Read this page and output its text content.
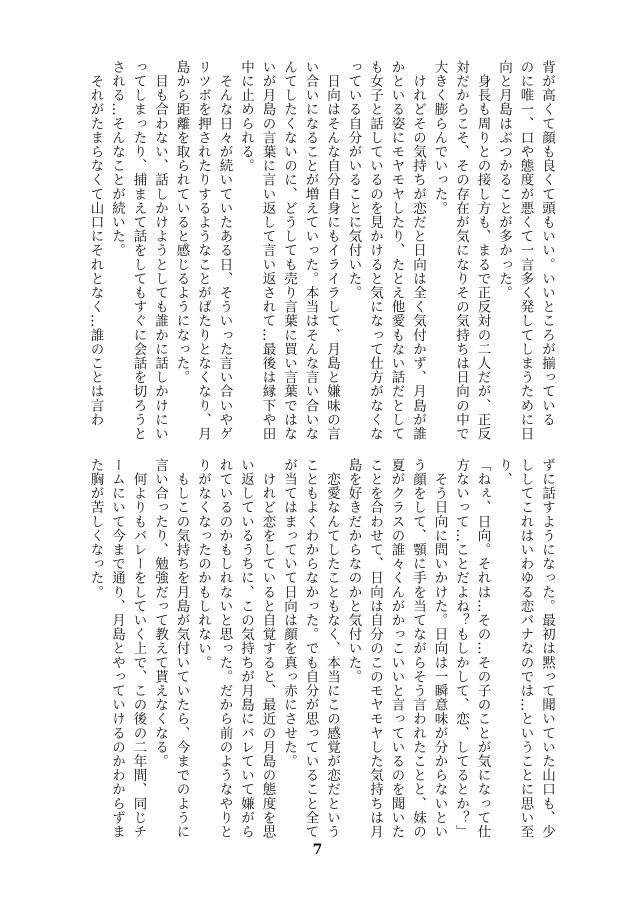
背が高くて顔も良くて頭もいい。いいところが揃っている

のに唯一、口や態度が悪くて一言多く発してしまうために日

向と月島はぶつかることが多かった。

　身長も周りとの接し方も、まるで正反対の二人だが、正反

対だからこそ、その存在が気になりその気持ちは日向の中で

大きく膨らんでいった。

　けれどその気持ちが恋だと日向は全く気付かず、月島が誰

かといる姿にモヤモヤしたり、たとえ他愛もない話だとして

も女子と話しているのを見かけると気になって仕方がなくな

っている自分がいることに気付いた。

　日向はそんな自分自身にもイライラして、月島と嫌味の言

い合いになることが増えていった。本当はそんな言い合いな

んてしたくないのに、どうしても売り言葉に買い言葉ではな

いが月島の言葉に言い返して言い返されて…最後は縁下や田

中に止められる。

　そんな日々が続いていたある日、そういった言い合いやゲ

リツボを押されたりするようなことがぱたりとなくなり、月

島から距離を取られていると感じるようになった。

　目も合わない、話しかけようとしても誰かに話しかけにい

ってしまったり、捕まえて話をしてもすぐに会話を切ろうと

される…そんなことが続いた。

　それがたまらなくて山口にそれとなく…誰のことは言わ

ずに話すようになった。最初は黙って聞いていた山口も、少

ししてこれはいわゆる恋バナなのでは…ということに思い至

り、

「ねぇ、日向。それは…その…その子のことが気になって仕

方ないって…ことだよね？もしかして、恋、してるとか？」

　そう日向に問いかけた。日向は一瞬意味が分からないとい

う顔をして、顎に手を当てながらそう言われたことと、妹の

夏がクラスの誰々くんがかっこいいと言っているのを聞いた

ことを合わせて、日向は自分のこのモヤモヤした気持ちは月

島を好きだからなのかと気付いた。

　恋愛なんてしたこともなく、本当にこの感覚が恋だという

こともよくわからなかった。でも自分が思っていること全て

が当てはまっていて日向は顔を真っ赤にさせた。

　けれど恋をしていると自覚すると、最近の月島の態度を思

い返しているうちに、この気持ちが月島にバレていて嫌がら

れているのかもしれないと思った。だから前のようなやりと

りがなくなったのかもしれない。

　もしこの気持ちを月島が気付いていたら、今までのように

言い合ったり、勉強だって教えて貰えなくなる。

　何よりもバレーをしていく上で、この後の二年間、同じチ

ームにいて今まで通り、月島とやっていけるのかわからずま

た胸が苦しくなった。

7
